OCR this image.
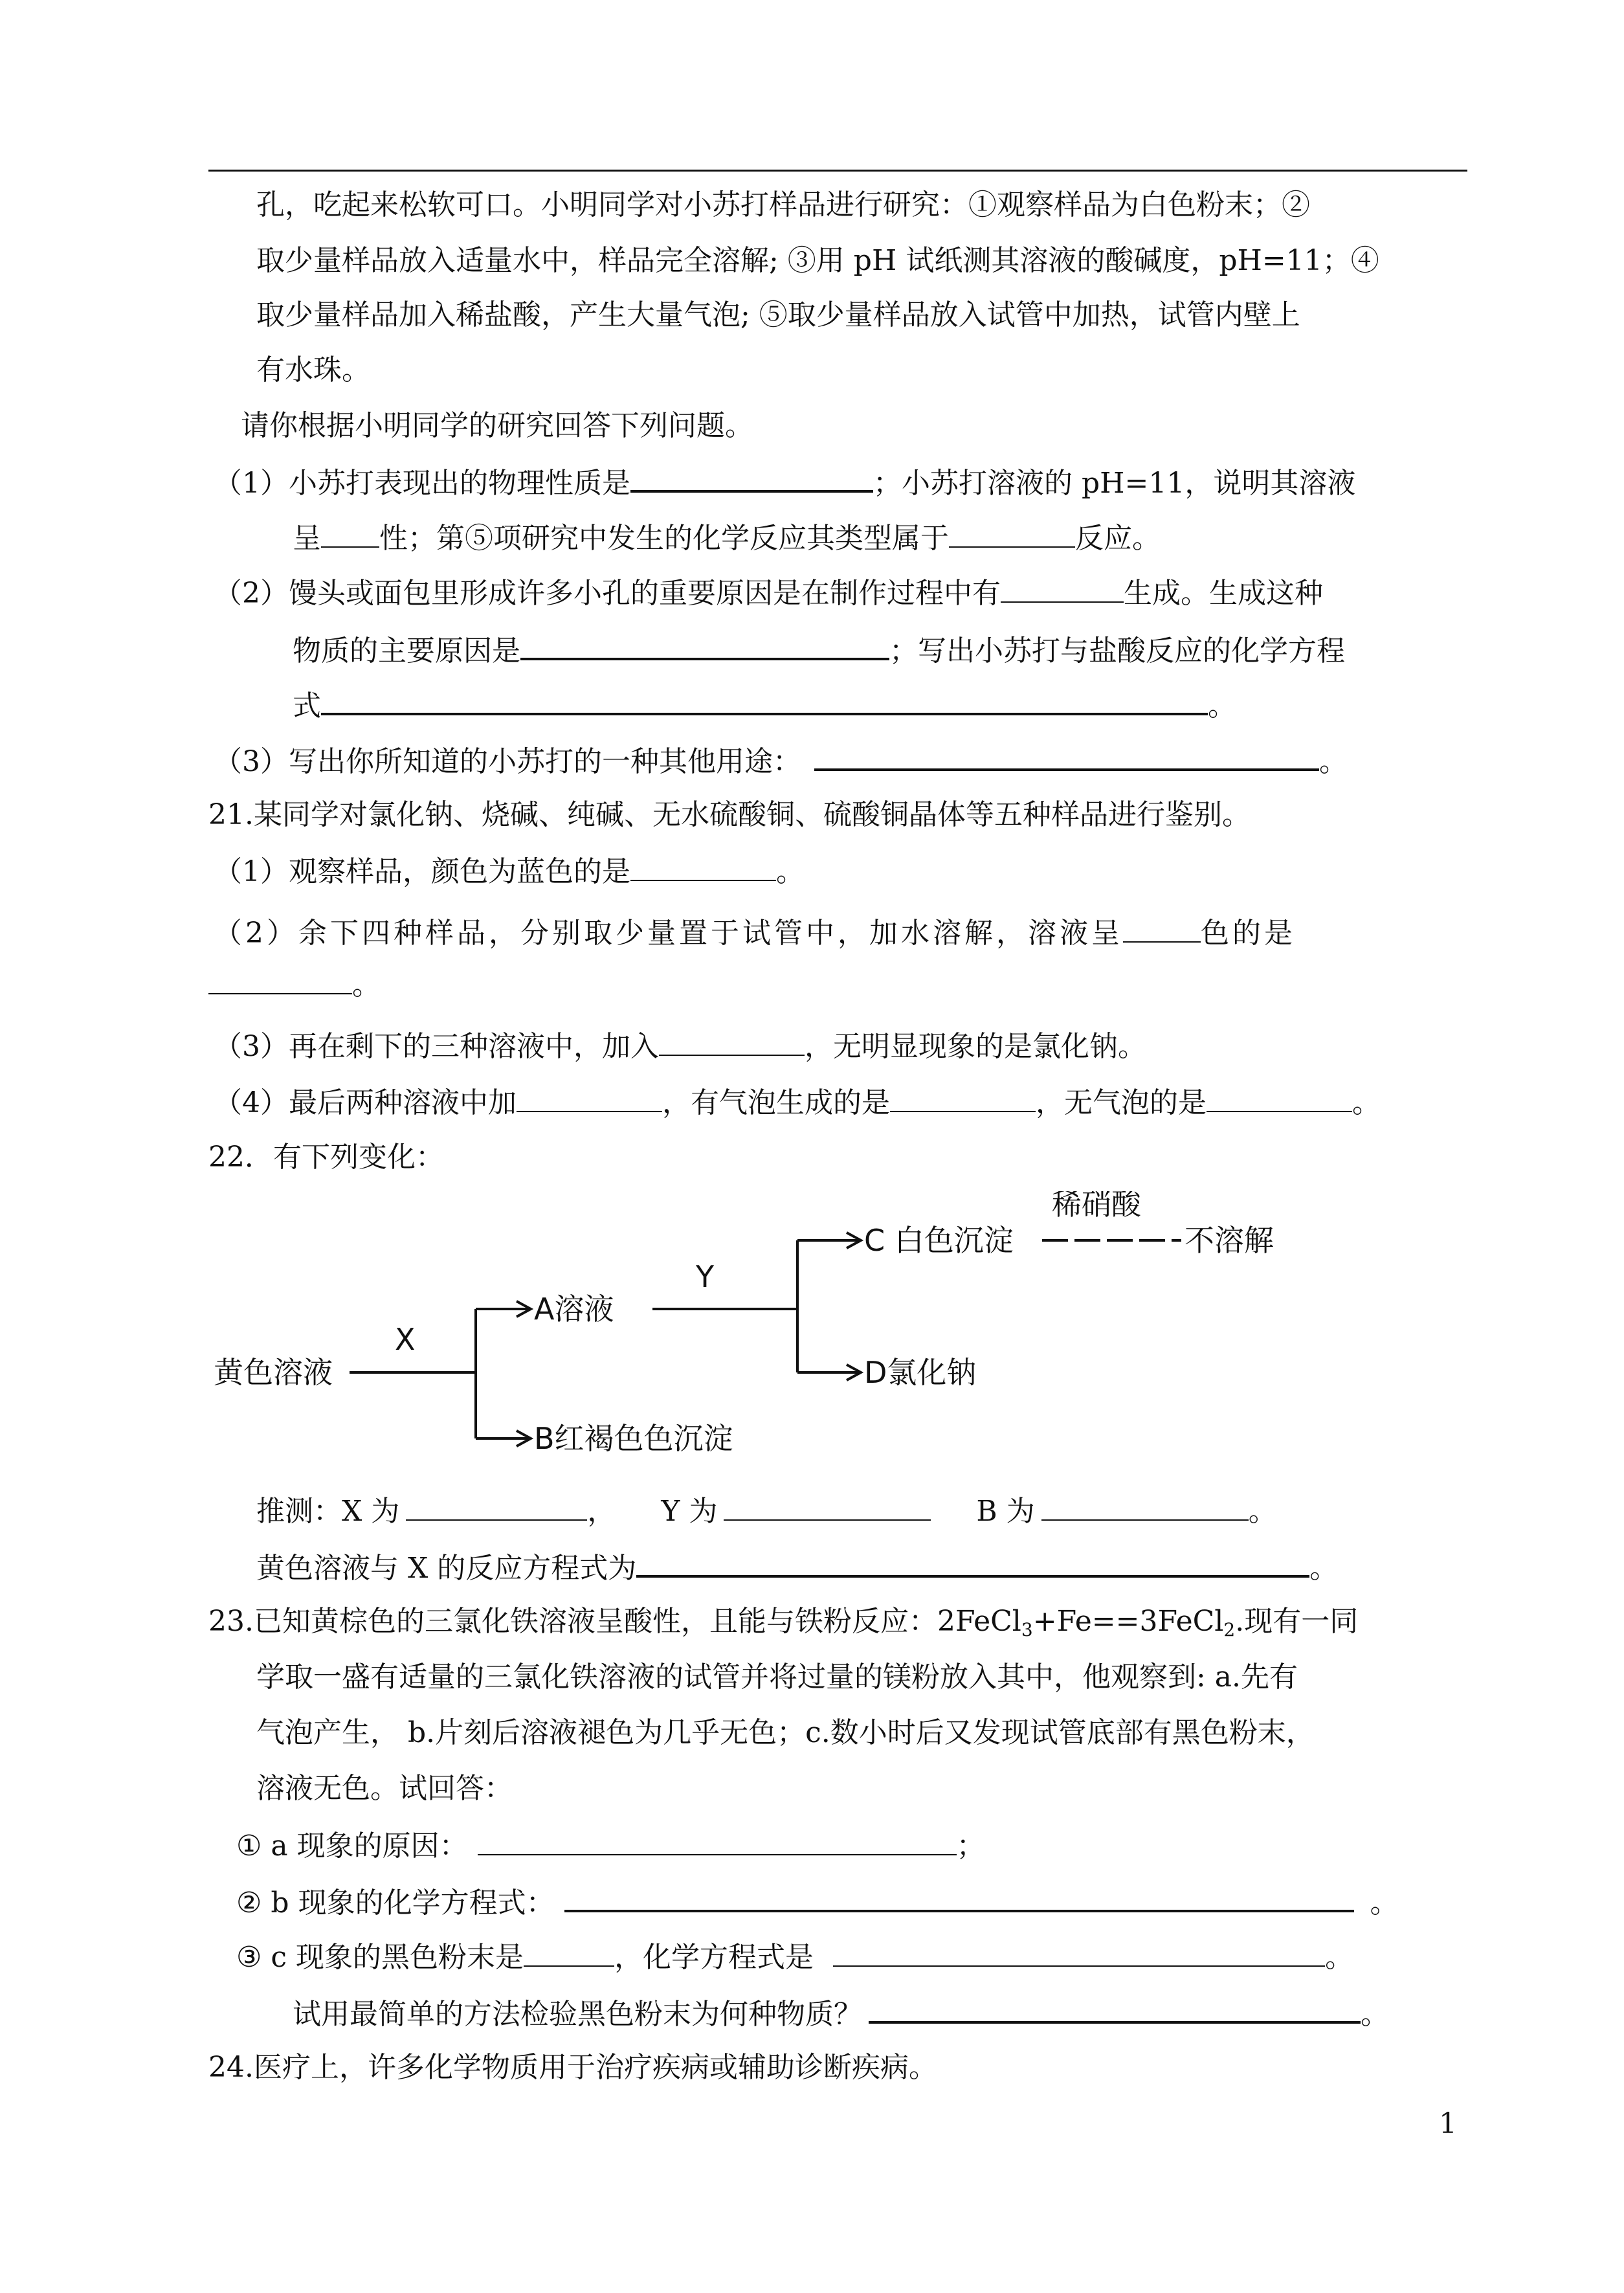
孔，吃起来松软可口。小明同学对小苏打样品进行研究：①观察样品为白色粉末；②
取少量样品放入适量水中，样品完全溶解; ③用 pH 试纸测其溶液的酸碱度，pH=11；④
取少量样品加入稀盐酸，产生大量气泡; ⑤取少量样品放入试管中加热，试管内壁上
有水珠。
请你根据小明同学的研究回答下列问题。
（1）小苏打表现出的物理性质是	；小苏打溶液的 pH=11，说明其溶液
呈 性；第⑤项研究中发生的化学反应其类型属于	反应。
（2）馒头或面包里形成许多小孔的重要原因是在制作过程中有	生成。生成这种
物质的主要原因是	；写出小苏打与盐酸反应的化学方程
式	。
（3）写出你所知道的小苏打的一种其他用途：	。
21.某同学对氯化钠、烧碱、纯碱、无水硫酸铜、硫酸铜晶体等五种样品进行鉴别。
（1）观察样品，颜色为蓝色的是	。
（2）余下四种样品，分别取少量置于试管中，加水溶解，溶液呈	色的是
。
（3）再在剩下的三种溶液中，加入	，无明显现象的是氯化钠。
（4）最后两种溶液中加	，有气泡生成的是	，无气泡的是	。
22．有下列变化：
黄色溶液
X
A溶液
Y
C 白色沉淀
稀硝酸
不溶解
D氯化钠
B红褐色色沉淀
推测：X 为	， Y 为	B 为	。
黄色溶液与 X 的反应方程式为	。
23.已知黄棕色的三氯化铁溶液呈酸性，且能与铁粉反应：2FeCl$_3$+Fe==3FeCl$_2$.现有一同
学取一盛有适量的三氯化铁溶液的试管并将过量的镁粉放入其中，他观察到: a.先有
气泡产生， b.片刻后溶液褪色为几乎无色；c.数小时后又发现试管底部有黑色粉末，
溶液无色。试回答：
① a 现象的原因：	；
② b 现象的化学方程式：	。
③ c 现象的黑色粉末是	，化学方程式是	。
试用最简单的方法检验黑色粉末为何种物质？	。
24.医疗上，许多化学物质用于治疗疾病或辅助诊断疾病。
1
